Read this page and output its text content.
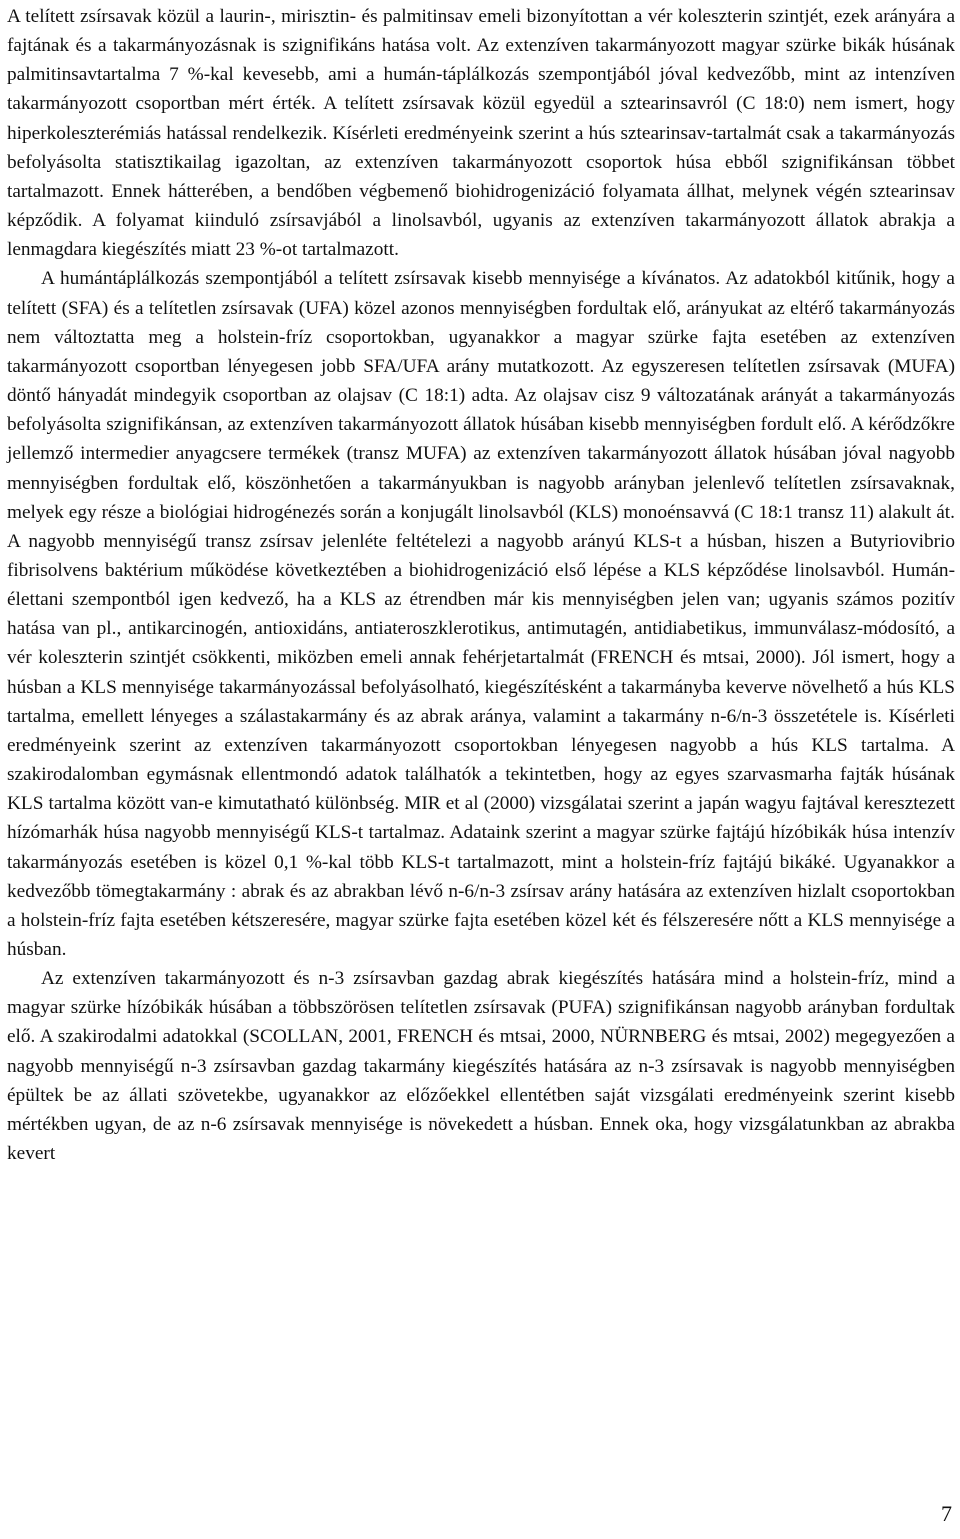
A telített zsírsavak közül a laurin-, mirisztin- és palmitinsav emeli bizonyítottan a vér koleszterin szintjét, ezek arányára a fajtának és a takarmányozásnak is szignifikáns hatása volt. Az extenzíven takarmányozott magyar szürke bikák húsának palmitinsavtartalma 7 %-kal kevesebb, ami a humán-táplálkozás szempontjából jóval kedvezőbb, mint az intenzíven takarmányozott csoportban mért érték. A telített zsírsavak közül egyedül a sztearinsavról (C 18:0) nem ismert, hogy hiperkoleszterémiás hatással rendelkezik. Kísérleti eredményeink szerint a hús sztearinsav-tartalmát csak a takarmányozás befolyásolta statisztikailag igazoltan, az extenzíven takarmányozott csoportok húsa ebből szignifikánsan többet tartalmazott. Ennek hátterében, a bendőben végbemenő biohidrogenizáció folyamata állhat, melynek végén sztearinsav képződik. A folyamat kiinduló zsírsavjából a linolsavból, ugyanis az extenzíven takarmányozott állatok abrakja a lenmagdara kiegészítés miatt 23 %-ot tartalmazott.

A humántáplálkozás szempontjából a telített zsírsavak kisebb mennyisége a kívánatos. Az adatokból kitűnik, hogy a telített (SFA) és a telítetlen zsírsavak (UFA) közel azonos mennyiségben fordultak elő, arányukat az eltérő takarmányozás nem változtatta meg a holstein-fríz csoportokban, ugyanakkor a magyar szürke fajta esetében az extenzíven takarmányozott csoportban lényegesen jobb SFA/UFA arány mutatkozott. Az egyszeresen telítetlen zsírsavak (MUFA) döntő hányadát mindegyik csoportban az olajsav (C 18:1) adta. Az olajsav cisz 9 változatának arányát a takarmányozás befolyásolta szignifikánsan, az extenzíven takarmányozott állatok húsában kisebb mennyiségben fordult elő. A kérődzőkre jellemző intermedier anyagcsere termékek (transz MUFA) az extenzíven takarmányozott állatok húsában jóval nagyobb mennyiségben fordultak elő, köszönhetően a takarmányukban is nagyobb arányban jelenlevő telítetlen zsírsavaknak, melyek egy része a biológiai hidrogénezés során a konjugált linolsavból (KLS) monoénsavvá (C 18:1 transz 11) alakult át. A nagyobb mennyiségű transz zsírsav jelenléte feltételezi a nagyobb arányú KLS-t a húsban, hiszen a Butyriovibrio fibrisolvens baktérium működése következtében a biohidrogenizáció első lépése a KLS képződése linolsavból. Humán-élettani szempontból igen kedvező, ha a KLS az étrendben már kis mennyiségben jelen van; ugyanis számos pozitív hatása van pl., antikarcinogén, antioxidáns, antiateroszklerotikus, antimutagén, antidiabetikus, immunválasz-módosító, a vér koleszterin szintjét csökkenti, miközben emeli annak fehérjetartalmát (FRENCH és mtsai, 2000). Jól ismert, hogy a húsban a KLS mennyisége takarmányozással befolyásolható, kiegészítésként a takarmányba keverve növelhető a hús KLS tartalma, emellett lényeges a szálastakarmány és az abrak aránya, valamint a takarmány n-6/n-3 összetétele is. Kísérleti eredményeink szerint az extenzíven takarmányozott csoportokban lényegesen nagyobb a hús KLS tartalma. A szakirodalomban egymásnak ellentmondó adatok találhatók a tekintetben, hogy az egyes szarvasmarha fajták húsának KLS tartalma között van-e kimutatható különbség. MIR et al (2000) vizsgálatai szerint a japán wagyu fajtával keresztezett hízómarhák húsa nagyobb mennyiségű KLS-t tartalmaz. Adataink szerint a magyar szürke fajtájú hízóbikák húsa intenzív takarmányozás esetében is közel 0,1 %-kal több KLS-t tartalmazott, mint a holstein-fríz fajtájú bikáké. Ugyanakkor a kedvezőbb tömegtakarmány : abrak és az abrakban lévő n-6/n-3 zsírsav arány hatására az extenzíven hizlalt csoportokban a holstein-fríz fajta esetében kétszeresére, magyar szürke fajta esetében közel két és félszeresére nőtt a KLS mennyisége a húsban.

Az extenzíven takarmányozott és n-3 zsírsavban gazdag abrak kiegészítés hatására mind a holstein-fríz, mind a magyar szürke hízóbikák húsában a többszörösen telítetlen zsírsavak (PUFA) szignifikánsan nagyobb arányban fordultak elő. A szakirodalmi adatokkal (SCOLLAN, 2001, FRENCH és mtsai, 2000, NÜRNBERG és mtsai, 2002) megegyezően a nagyobb mennyiségű n-3 zsírsavban gazdag takarmány kiegészítés hatására az n-3 zsírsavak is nagyobb mennyiségben épültek be az állati szövetekbe, ugyanakkor az előzőekkel ellentétben saját vizsgálati eredményeink szerint kisebb mértékben ugyan, de az n-6 zsírsavak mennyisége is növekedett a húsban. Ennek oka, hogy vizsgálatunkban az abrakba kevert

7
